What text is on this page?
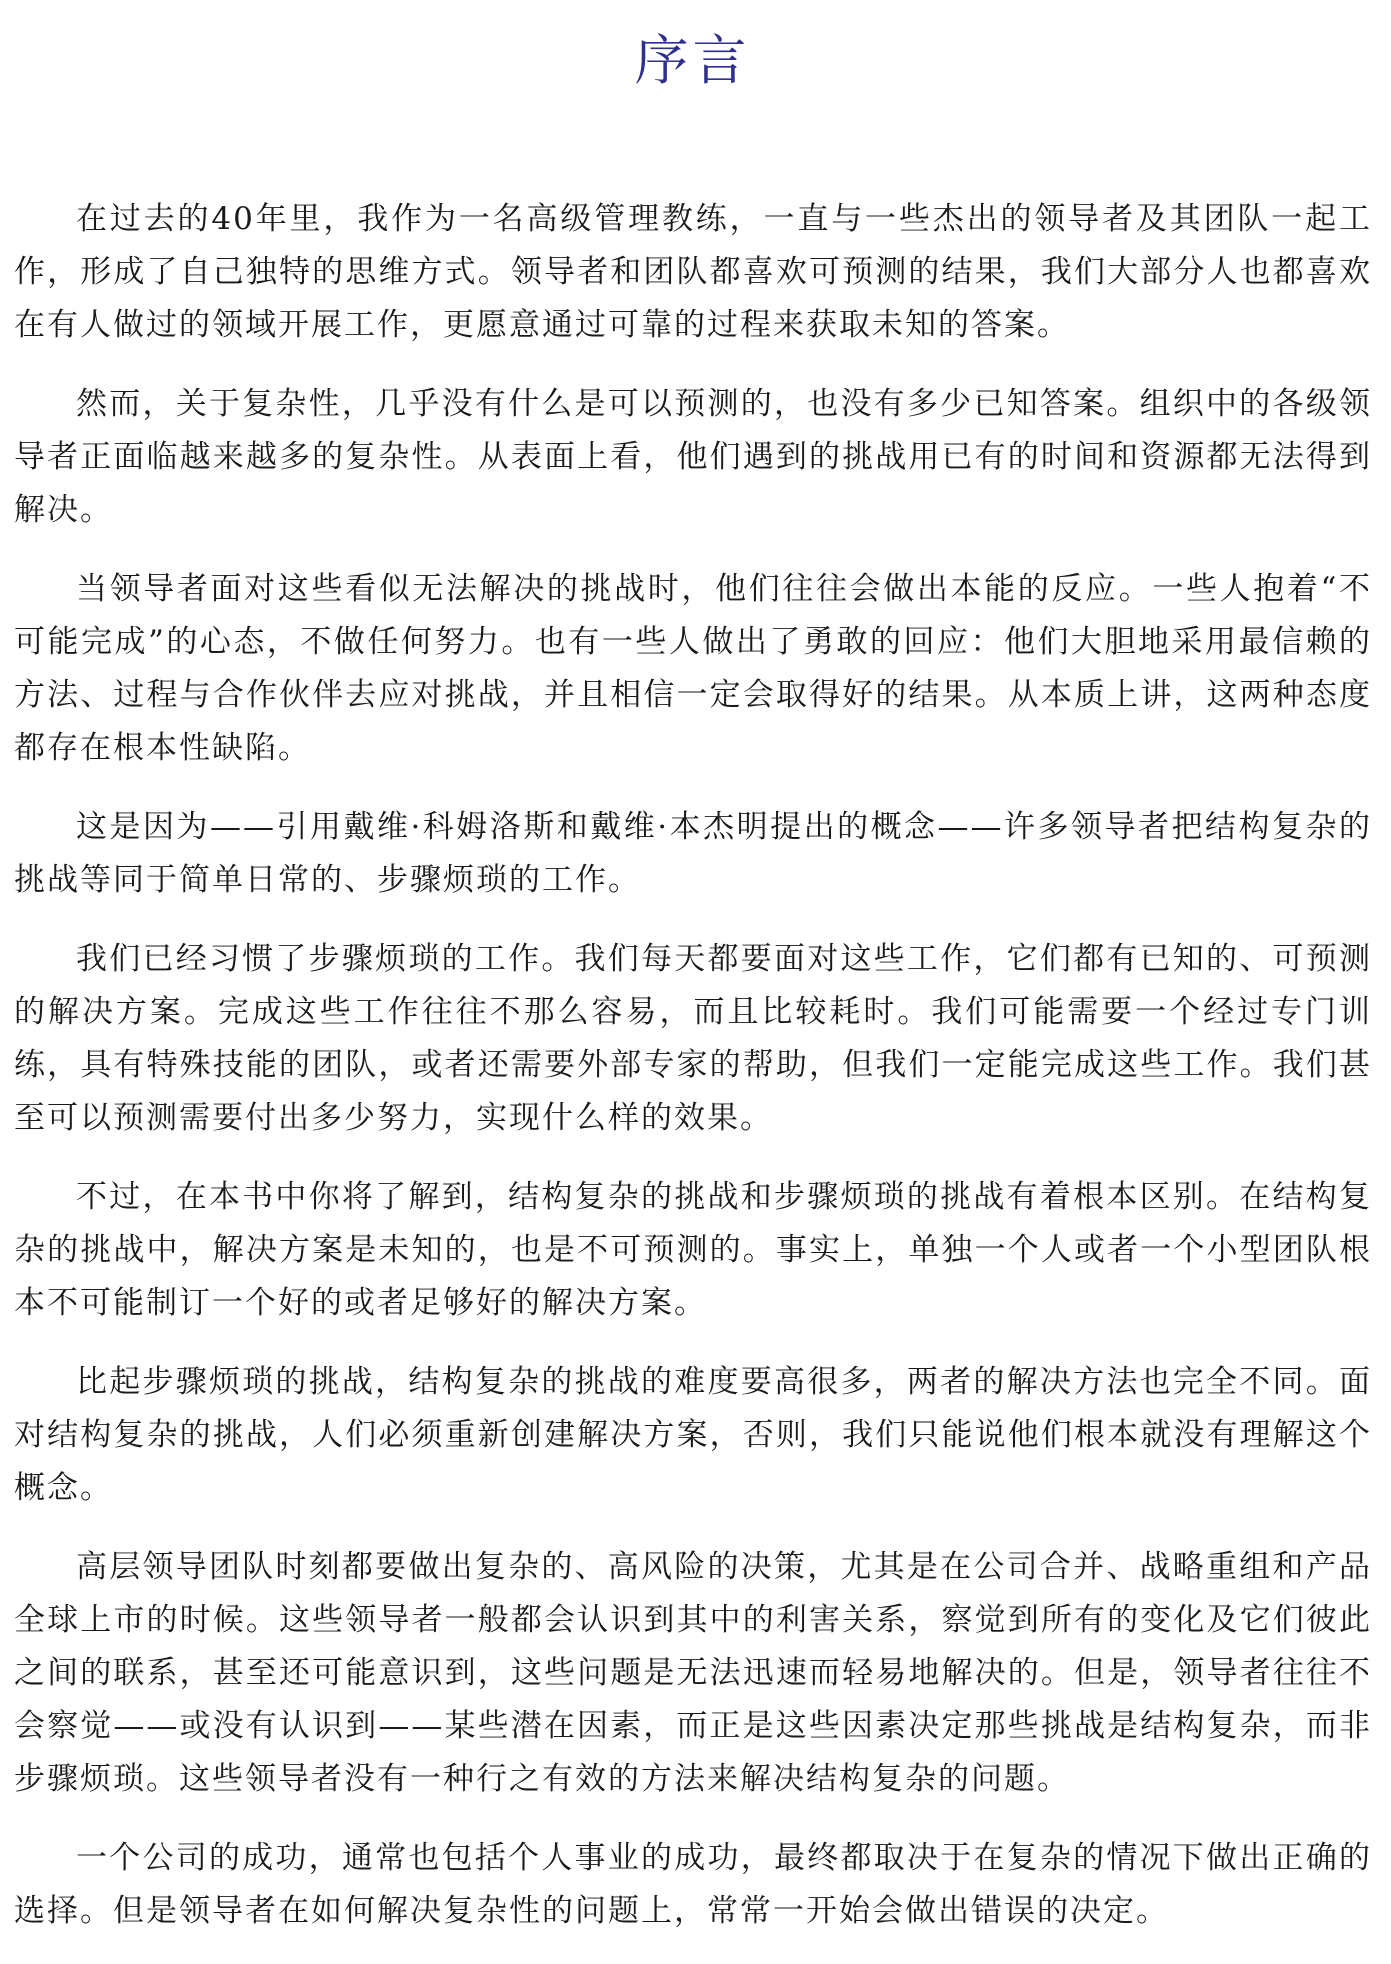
序言

在过去的40年里，我作为一名高级管理教练，一直与一些杰出的领导者及其团队一起工作，形成了自己独特的思维方式。领导者和团队都喜欢可预测的结果，我们大部分人也都喜欢在有人做过的领域开展工作，更愿意通过可靠的过程来获取未知的答案。

然而，关于复杂性，几乎没有什么是可以预测的，也没有多少已知答案。组织中的各级领导者正面临越来越多的复杂性。从表面上看，他们遇到的挑战用已有的时间和资源都无法得到解决。

当领导者面对这些看似无法解决的挑战时，他们往往会做出本能的反应。一些人抱着“不可能完成”的心态，不做任何努力。也有一些人做出了勇敢的回应：他们大胆地采用最信赖的方法、过程与合作伙伴去应对挑战，并且相信一定会取得好的结果。从本质上讲，这两种态度都存在根本性缺陷。

这是因为——引用戴维·科姆洛斯和戴维·本杰明提出的概念——许多领导者把结构复杂的挑战等同于简单日常的、步骤烦琐的工作。

我们已经习惯了步骤烦琐的工作。我们每天都要面对这些工作，它们都有已知的、可预测的解决方案。完成这些工作往往不那么容易，而且比较耗时。我们可能需要一个经过专门训练，具有特殊技能的团队，或者还需要外部专家的帮助，但我们一定能完成这些工作。我们甚至可以预测需要付出多少努力，实现什么样的效果。

不过，在本书中你将了解到，结构复杂的挑战和步骤烦琐的挑战有着根本区别。在结构复杂的挑战中，解决方案是未知的，也是不可预测的。事实上，单独一个人或者一个小型团队根本不可能制订一个好的或者足够好的解决方案。

比起步骤烦琐的挑战，结构复杂的挑战的难度要高很多，两者的解决方法也完全不同。面对结构复杂的挑战，人们必须重新创建解决方案，否则，我们只能说他们根本就没有理解这个概念。

高层领导团队时刻都要做出复杂的、高风险的决策，尤其是在公司合并、战略重组和产品全球上市的时候。这些领导者一般都会认识到其中的利害关系，察觉到所有的变化及它们彼此之间的联系，甚至还可能意识到，这些问题是无法迅速而轻易地解决的。但是，领导者往往不会察觉——或没有认识到——某些潜在因素，而正是这些因素决定那些挑战是结构复杂，而非步骤烦琐。这些领导者没有一种行之有效的方法来解决结构复杂的问题。

一个公司的成功，通常也包括个人事业的成功，最终都取决于在复杂的情况下做出正确的选择。但是领导者在如何解决复杂性的问题上，常常一开始会做出错误的决定。
